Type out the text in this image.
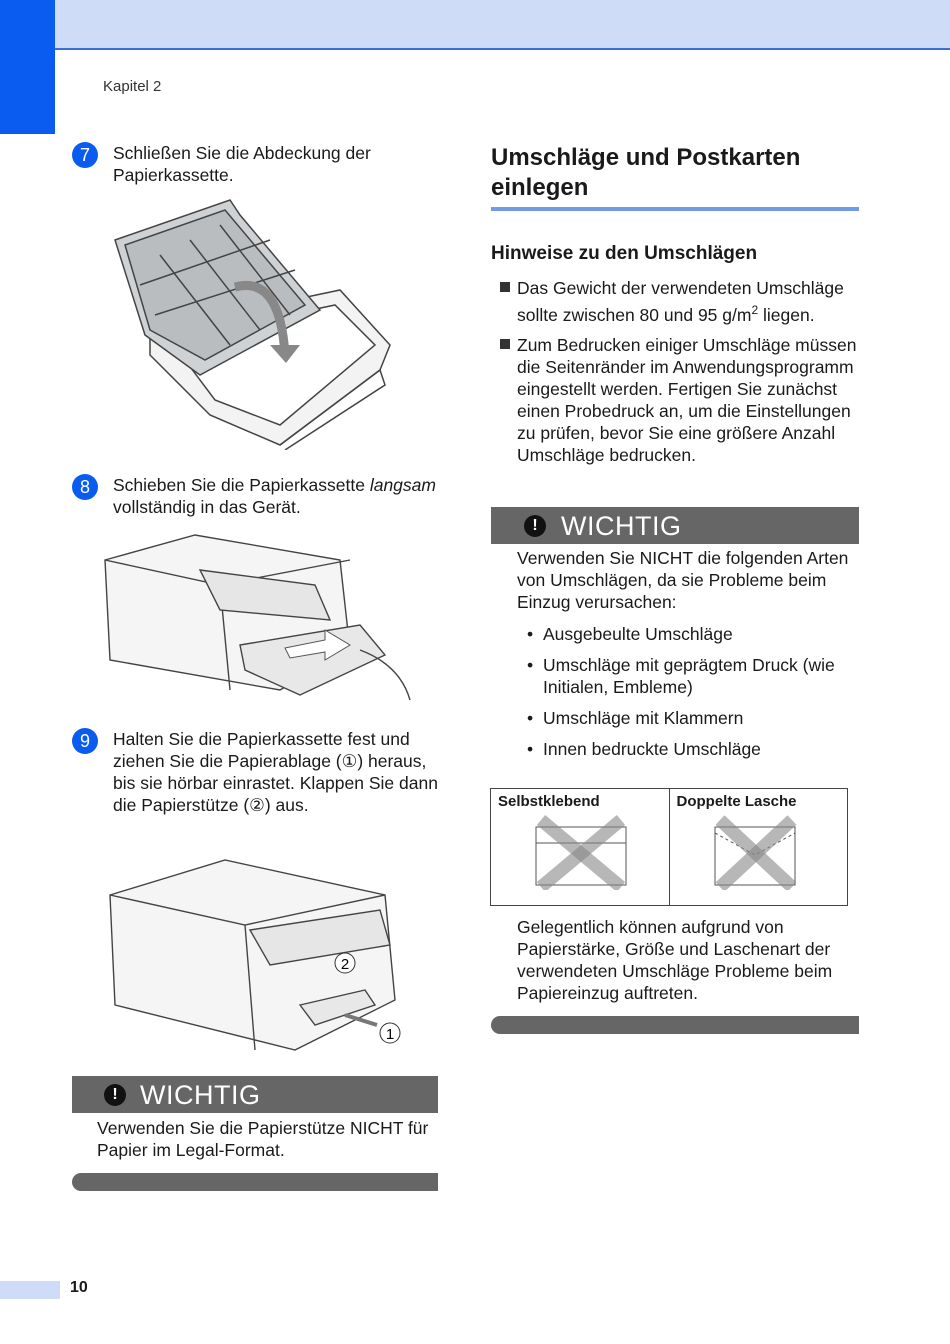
Kapitel 2
7	Schließen Sie die Abdeckung der Papierkassette.
8	Schieben Sie die Papierkassette langsam vollständig in das Gerät.
9	Halten Sie die Papierkassette fest und ziehen Sie die Papierablage (①) heraus, bis sie hörbar einrastet. Klappen Sie dann die Papierstütze (②) aus.
2
1
! WICHTIG
Verwenden Sie die Papierstütze NICHT für Papier im Legal-Format.
Umschläge und Postkarten einlegen
Hinweise zu den Umschlägen
Das Gewicht der verwendeten Umschläge sollte zwischen 80 und 95 $g/m^2$ liegen.
Zum Bedrucken einiger Umschläge müssen die Seitenränder im Anwendungsprogramm eingestellt werden. Fertigen Sie zunächst einen Probedruck an, um die Einstellungen zu prüfen, bevor Sie eine größere Anzahl Umschläge bedrucken.
! WICHTIG
Verwenden Sie NICHT die folgenden Arten von Umschlägen, da sie Probleme beim Einzug verursachen:
• Ausgebeulte Umschläge
• Umschläge mit geprägtem Druck (wie Initialen, Embleme)
• Umschläge mit Klammern
• Innen bedruckte Umschläge
Selbstklebend	Doppelte Lasche
Gelegentlich können aufgrund von Papierstärke, Größe und Laschenart der verwendeten Umschläge Probleme beim Papiereinzug auftreten.
10
